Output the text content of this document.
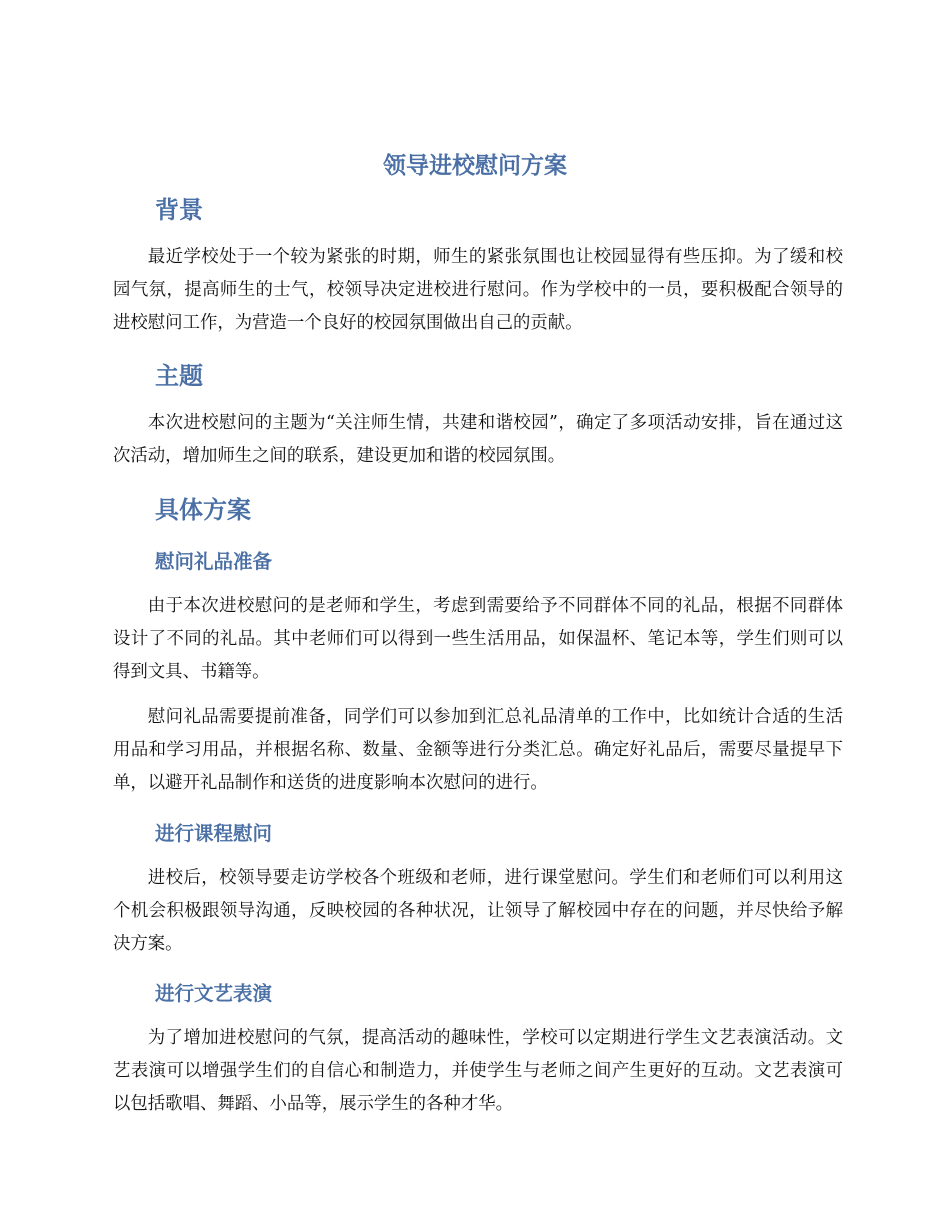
领导进校慰问方案
背景

最近学校处于一个较为紧张的时期，师生的紧张氛围也让校园显得有些压抑。为了缓和校园气氛，提高师生的士气，校领导决定进校进行慰问。作为学校中的一员，要积极配合领导的进校慰问工作，为营造一个良好的校园氛围做出自己的贡献。

主题

本次进校慰问的主题为“关注师生情，共建和谐校园”，确定了多项活动安排，旨在通过这次活动，增加师生之间的联系，建设更加和谐的校园氛围。

具体方案
慰问礼品准备

由于本次进校慰问的是老师和学生，考虑到需要给予不同群体不同的礼品，根据不同群体设计了不同的礼品。其中老师们可以得到一些生活用品，如保温杯、笔记本等，学生们则可以得到文具、书籍等。

慰问礼品需要提前准备，同学们可以参加到汇总礼品清单的工作中，比如统计合适的生活用品和学习用品，并根据名称、数量、金额等进行分类汇总。确定好礼品后，需要尽量提早下单，以避开礼品制作和送货的进度影响本次慰问的进行。

进行课程慰问

进校后，校领导要走访学校各个班级和老师，进行课堂慰问。学生们和老师们可以利用这个机会积极跟领导沟通，反映校园的各种状况，让领导了解校园中存在的问题，并尽快给予解决方案。

进行文艺表演

为了增加进校慰问的气氛，提高活动的趣味性，学校可以定期进行学生文艺表演活动。文艺表演可以增强学生们的自信心和制造力，并使学生与老师之间产生更好的互动。文艺表演可以包括歌唱、舞蹈、小品等，展示学生的各种才华。
